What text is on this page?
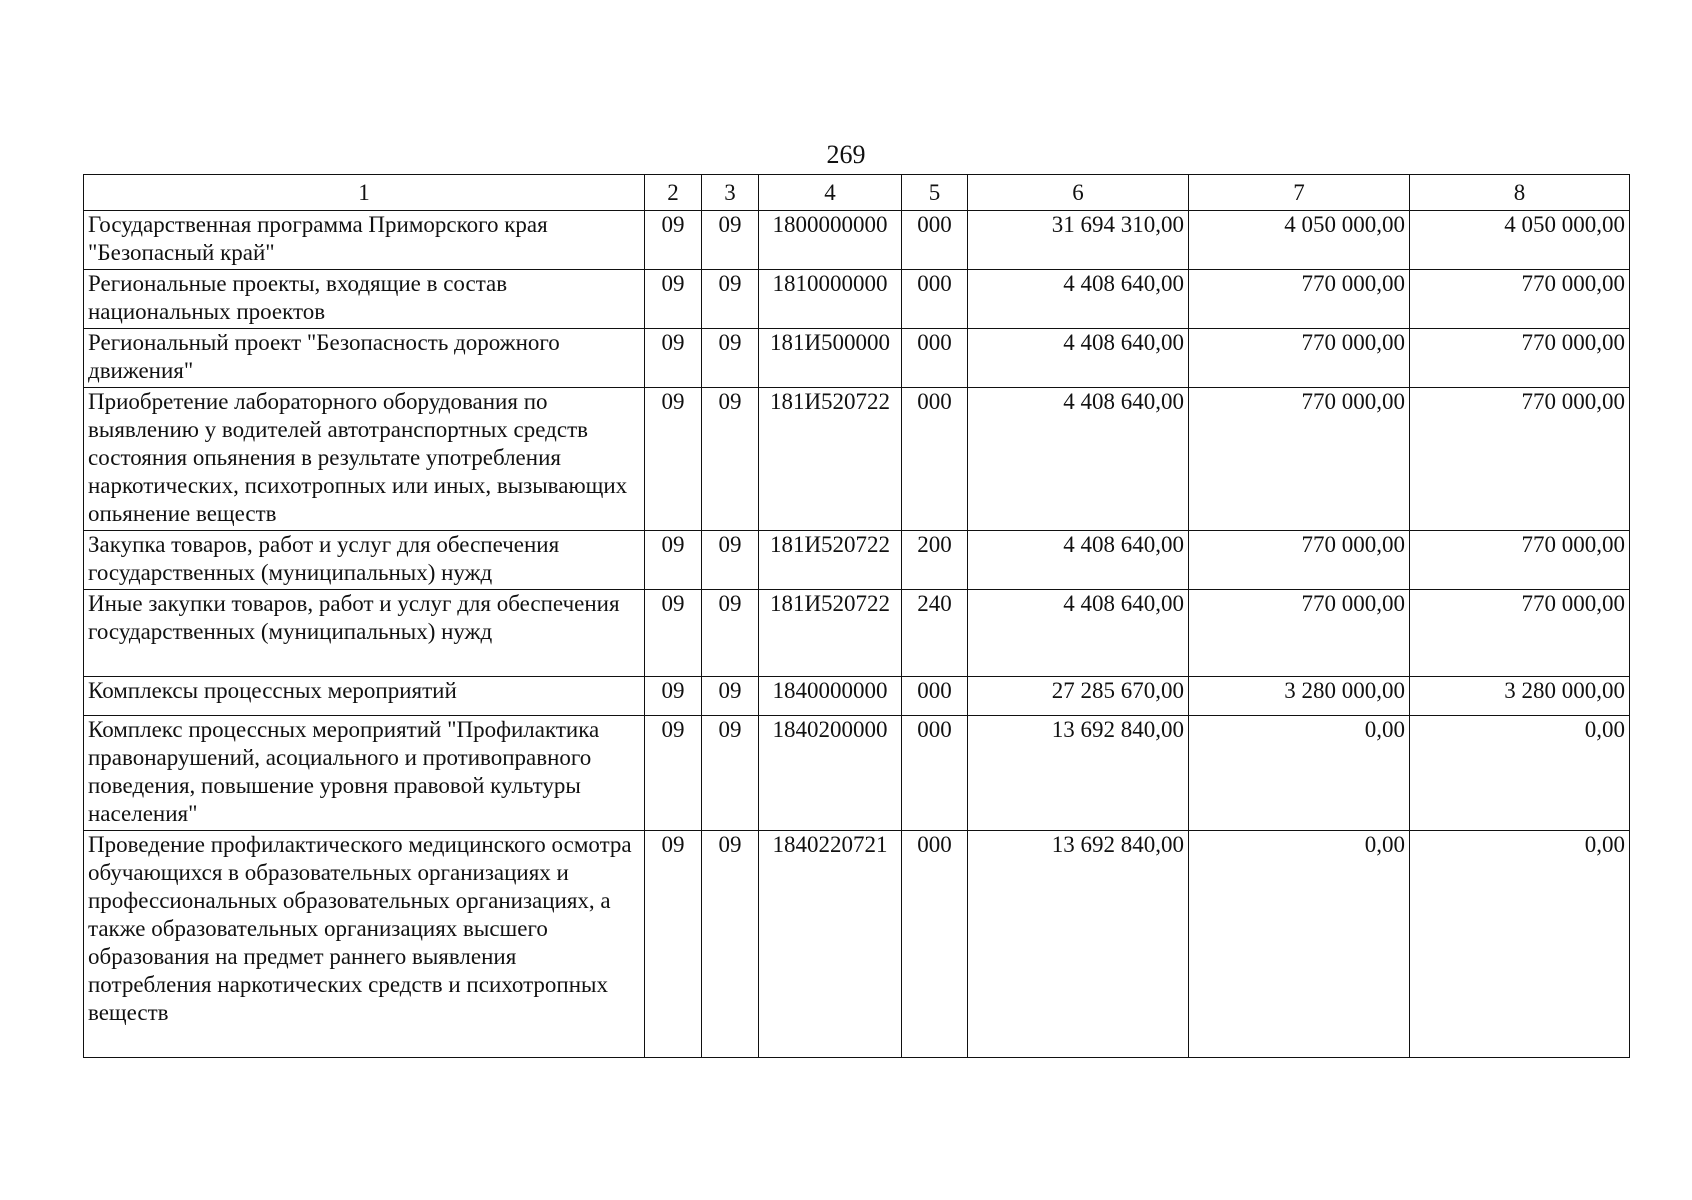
269
1	2	3	4	5	6	7	8
Государственная программа Приморского края "Безопасный край"	09	09	1800000000	000	31 694 310,00	4 050 000,00	4 050 000,00
Региональные проекты, входящие в состав национальных проектов	09	09	1810000000	000	4 408 640,00	770 000,00	770 000,00
Региональный проект "Безопасность дорожного движения"	09	09	181И500000	000	4 408 640,00	770 000,00	770 000,00
Приобретение лабораторного оборудования по выявлению у водителей автотранспортных средств состояния опьянения в результате употребления наркотических, психотропных или иных, вызывающих опьянение веществ	09	09	181И520722	000	4 408 640,00	770 000,00	770 000,00
Закупка товаров, работ и услуг для обеспечения государственных (муниципальных) нужд	09	09	181И520722	200	4 408 640,00	770 000,00	770 000,00
Иные закупки товаров, работ и услуг для обеспечения государственных (муниципальных) нужд	09	09	181И520722	240	4 408 640,00	770 000,00	770 000,00
Комплексы процессных мероприятий	09	09	1840000000	000	27 285 670,00	3 280 000,00	3 280 000,00
Комплекс процессных мероприятий "Профилактика правонарушений, асоциального и противоправного поведения, повышение уровня правовой культуры населения"	09	09	1840200000	000	13 692 840,00	0,00	0,00
Проведение профилактического медицинского осмотра обучающихся в образовательных организациях и профессиональных образовательных организациях, а также образовательных организациях высшего образования на предмет раннего выявления потребления наркотических средств и психотропных веществ	09	09	1840220721	000	13 692 840,00	0,00	0,00
